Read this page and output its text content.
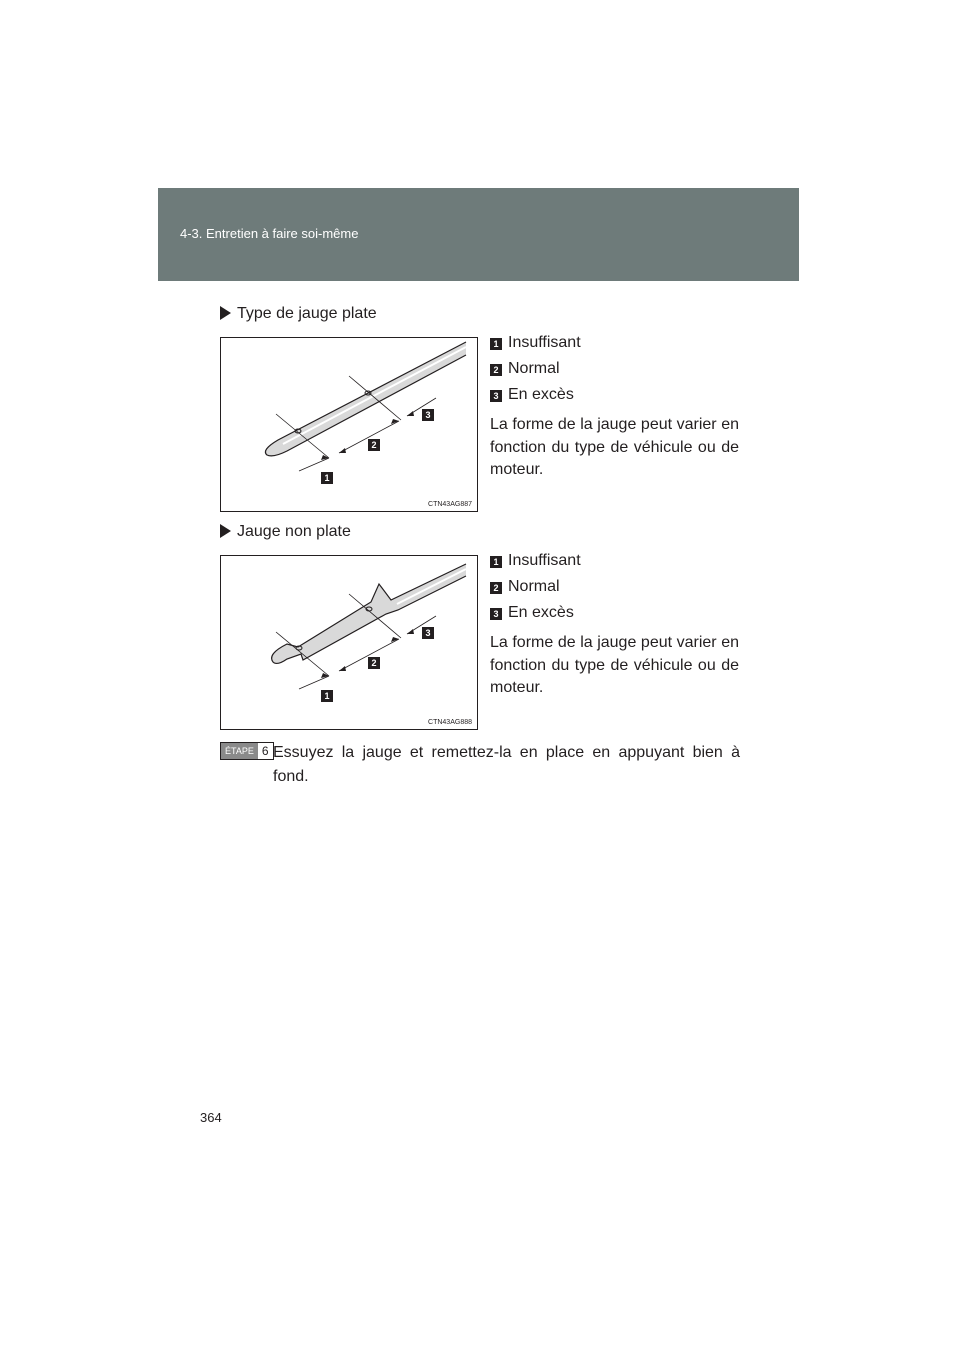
4-3. Entretien à faire soi-même
Type de jauge plate
1
2
3
CTN43AG887
1 Insuffisant
2 Normal
3 En excès
La forme de la jauge peut varier en fonction du type de véhicule ou de moteur.
Jauge non plate
1
2
3
CTN43AG888
1 Insuffisant
2 Normal
3 En excès
La forme de la jauge peut varier en fonction du type de véhicule ou de moteur.
ÉTAPE 6 Essuyez la jauge et remettez-la en place en appuyant bien à fond.
364
